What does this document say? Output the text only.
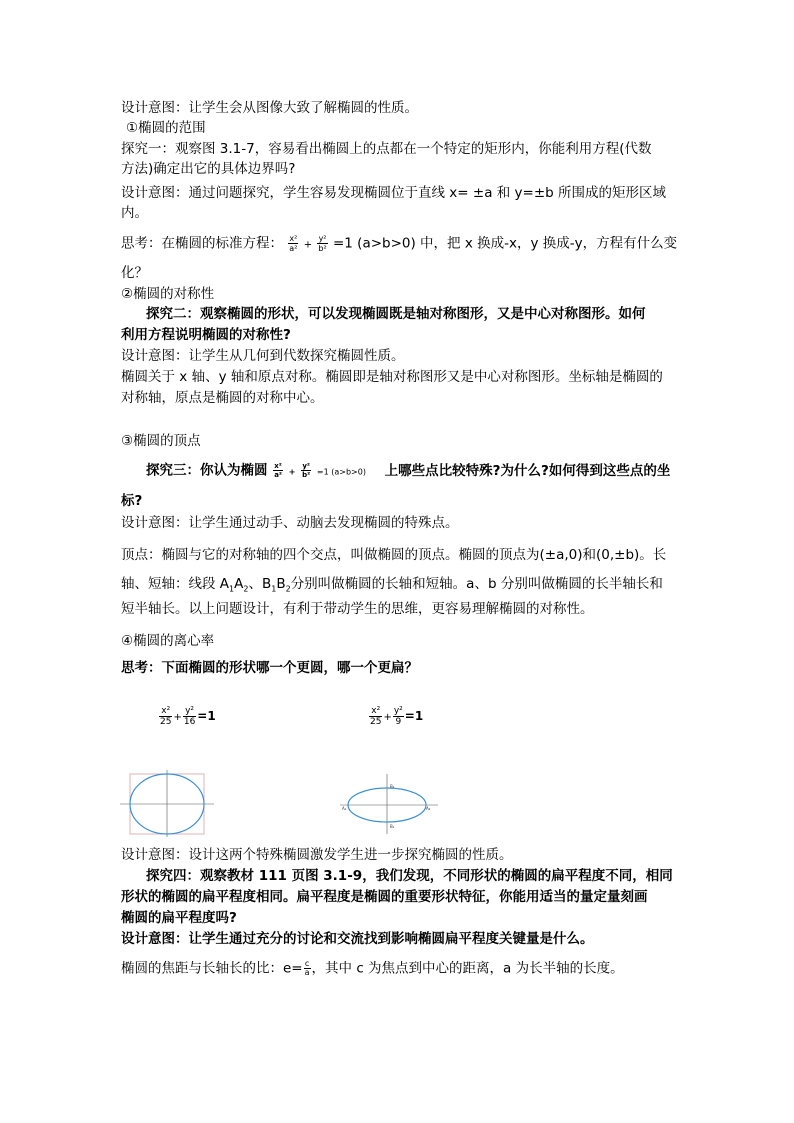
设计意图：让学生会从图像大致了解椭圆的性质。
①椭圆的范围
探究一：观察图 3.1-7，容易看出椭圆上的点都在一个特定的矩形内，你能利用方程(代数
方法)确定出它的具体边界吗?
设计意图：通过问题探究，学生容易发现椭圆位于直线 x= ±a 和 y=±b 所围成的矩形区域
内。
思考：在椭圆的标准方程： $\frac{\text{x²}}{\text{a²}} + \frac{\text{y²}}{\text{b²}} =1$ (a>b>0) 中，把 x 换成-x，y 换成-y，方程有什么变
化？
②椭圆的对称性
探究二：观察椭圆的形状，可以发现椭圆既是轴对称图形，又是中心对称图形。如何
利用方程说明椭圆的对称性?
设计意图：让学生从几何到代数探究椭圆性质。
椭圆关于 x 轴、y 轴和原点对称。椭圆即是轴对称图形又是中心对称图形。坐标轴是椭圆的
对称轴，原点是椭圆的对称中心。
③椭圆的顶点
探究三：你认为椭圆 $\frac{\text{x²}}{\text{a²}} + \frac{\text{y²}}{\text{b²}} =1$ (a>b>0) 上哪些点比较特殊?为什么?如何得到这些点的坐
标?
设计意图：让学生通过动手、动脑去发现椭圆的特殊点。
顶点：椭圆与它的对称轴的四个交点，叫做椭圆的顶点。椭圆的顶点为(±a,0)和(0,±b)。长
轴、短轴：线段 $A_1A_2$、$B_1B_2$分别叫做椭圆的长轴和短轴。a、b 分别叫做椭圆的长半轴长和
短半轴长。以上问题设计，有利于带动学生的思维，更容易理解椭圆的对称性。
④椭圆的离心率
思考：下面椭圆的形状哪一个更圆，哪一个更扁？
$\frac{\text{x²}}{25} + \frac{\text{y²}}{16} =1$	$\frac{\text{x²}}{25} + \frac{\text{y²}}{9} =1$
B₂
B₁
A₁	A₂
设计意图：设计这两个特殊椭圆激发学生进一步探究椭圆的性质。
探究四：观察教材 111 页图 3.1-9，我们发现，不同形状的椭圆的扁平程度不同，相同
形状的椭圆的扁平程度相同。扁平程度是椭圆的重要形状特征，你能用适当的量定量刻画
椭圆的扁平程度吗?
设计意图：让学生通过充分的讨论和交流找到影响椭圆扁平程度关键量是什么。
椭圆的焦距与长轴长的比：$e= \frac{c}{a}$ ，其中 c 为焦点到中心的距离，a 为长半轴的长度。
